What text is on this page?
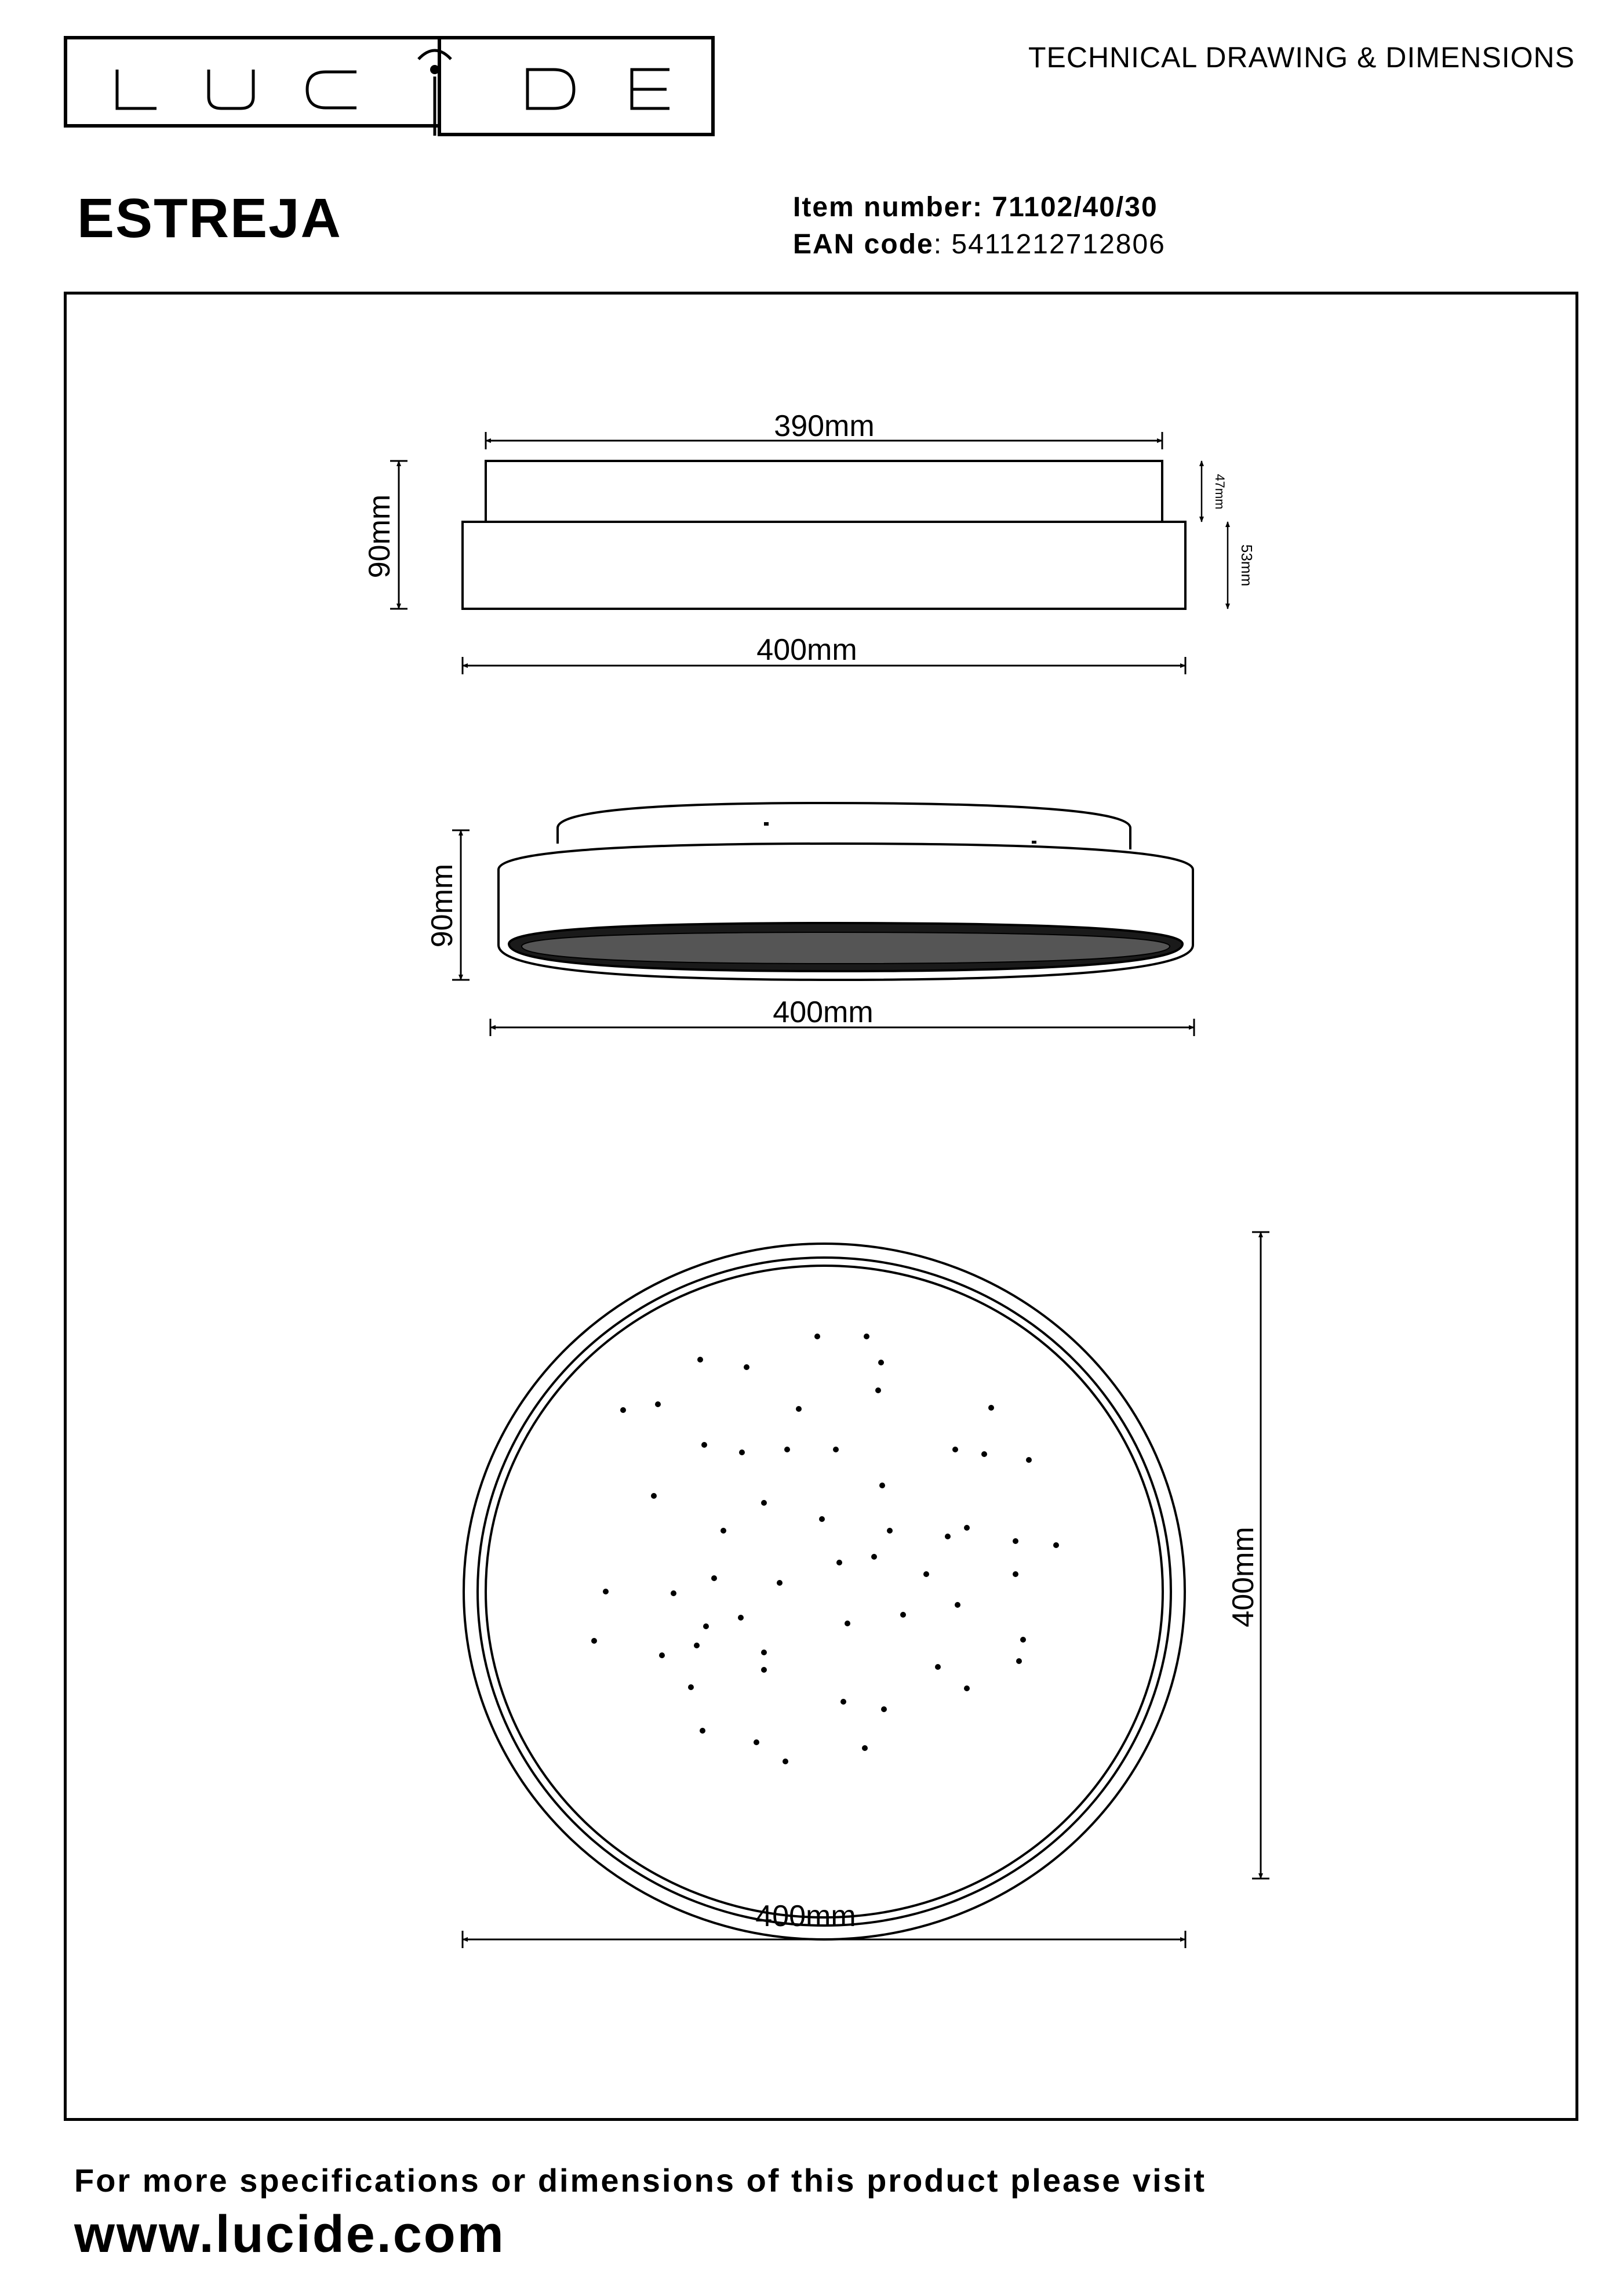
TECHNICAL DRAWING & DIMENSIONS
ESTREJA	Item number: 71102/40/30
EAN code: 5411212712806
390mm
400mm
90mm
47mm
53mm
400mm
90mm
400mm
400mm
For more specifications or dimensions of this product please visit
www.lucide.com
